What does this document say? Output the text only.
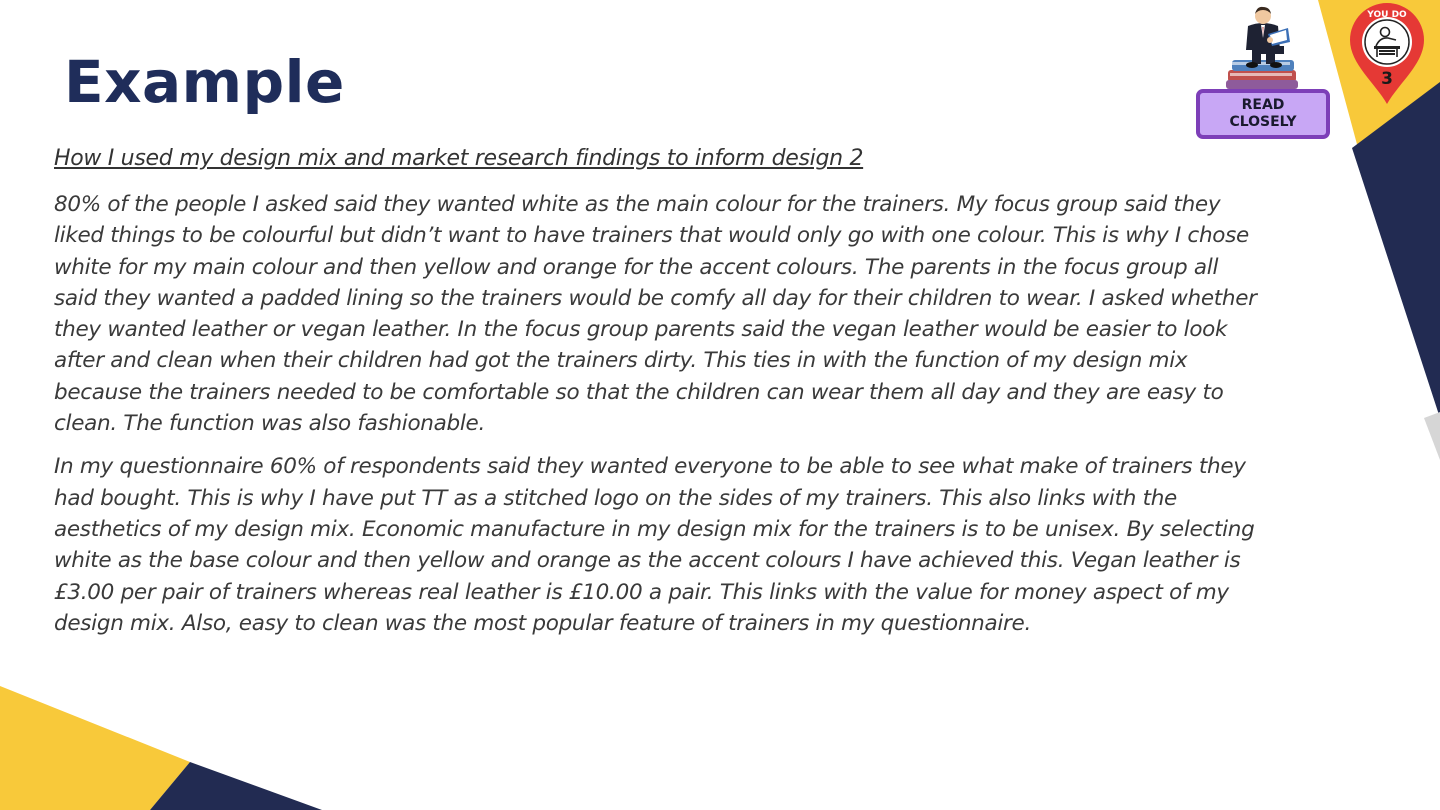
Example

How I used my design mix and market research findings to inform design 2

80% of the people I asked said they wanted white as the main colour for the trainers. My focus group said they liked things to be colourful but didn’t want to have trainers that would only go with one colour. This is why I chose white for my main colour and then yellow and orange for the accent colours. The parents in the focus group all said they wanted a padded lining so the trainers would be comfy all day for their children to wear. I asked whether they wanted leather or vegan leather. In the focus group parents said the vegan leather would be easier to look after and clean when their children had got the trainers dirty. This ties in with the function of my design mix because the trainers needed to be comfortable so that the children can wear them all day and they are easy to clean. The function was also fashionable.

In my questionnaire 60% of respondents said they wanted everyone to be able to see what make of trainers they had bought. This is why I have put TT as a stitched logo on the sides of my trainers. This also links with the aesthetics of my design mix. Economic manufacture in my design mix for the trainers is to be unisex. By selecting white as the base colour and then yellow and orange as the accent colours I have achieved this. Vegan leather is £3.00 per pair of trainers whereas real leather is £10.00 a pair. This links with the value for money aspect of my design mix. Also, easy to clean was the most popular feature of trainers in my questionnaire.

READ
CLOSELY
YOU DO
3
